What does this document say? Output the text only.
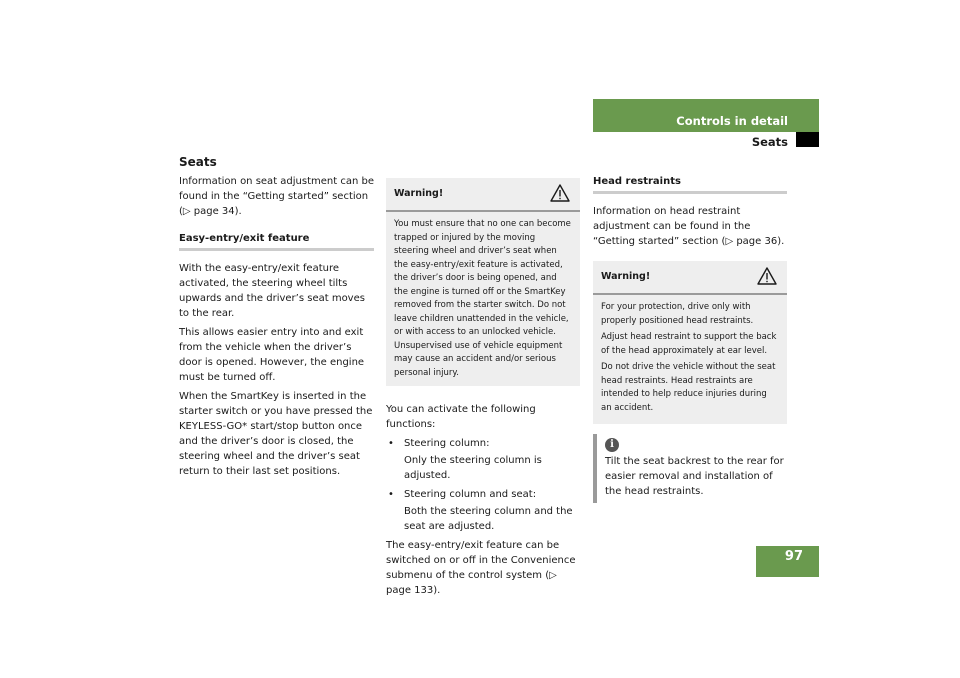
Controls in detail
Seats
Seats

Information on seat adjustment can be found in the “Getting started” section (▷ page 34).

Easy-entry/exit feature

With the easy-entry/exit feature activated, the steering wheel tilts upwards and the driver’s seat moves to the rear.

This allows easier entry into and exit from the vehicle when the driver’s door is opened. However, the engine must be turned off.

When the SmartKey is inserted in the starter switch or you have pressed the KEYLESS-GO* start/stop button once and the driver’s door is closed, the steering wheel and the driver’s seat return to their last set positions.

Warning!
You must ensure that no one can become trapped or injured by the moving steering wheel and driver’s seat when the easy-entry/exit feature is activated, the driver’s door is being opened, and the engine is turned off or the SmartKey removed from the starter switch. Do not leave children unattended in the vehicle, or with access to an unlocked vehicle. Unsupervised use of vehicle equipment may cause an accident and/or serious personal injury.

You can activate the following functions:

• Steering column:

Only the steering column is adjusted.

• Steering column and seat:

Both the steering column and the seat are adjusted.

The easy-entry/exit feature can be switched on or off in the Convenience submenu of the control system (▷ page 133).

Head restraints
Information on head restraint adjustment can be found in the “Getting started” section (▷ page 36).
Warning!

For your protection, drive only with properly positioned head restraints.

Adjust head restraint to support the back of the head approximately at ear level.

Do not drive the vehicle without the seat head restraints. Head restraints are intended to help reduce injuries during an accident.

i
Tilt the seat backrest to the rear for easier removal and installation of the head restraints.
97
